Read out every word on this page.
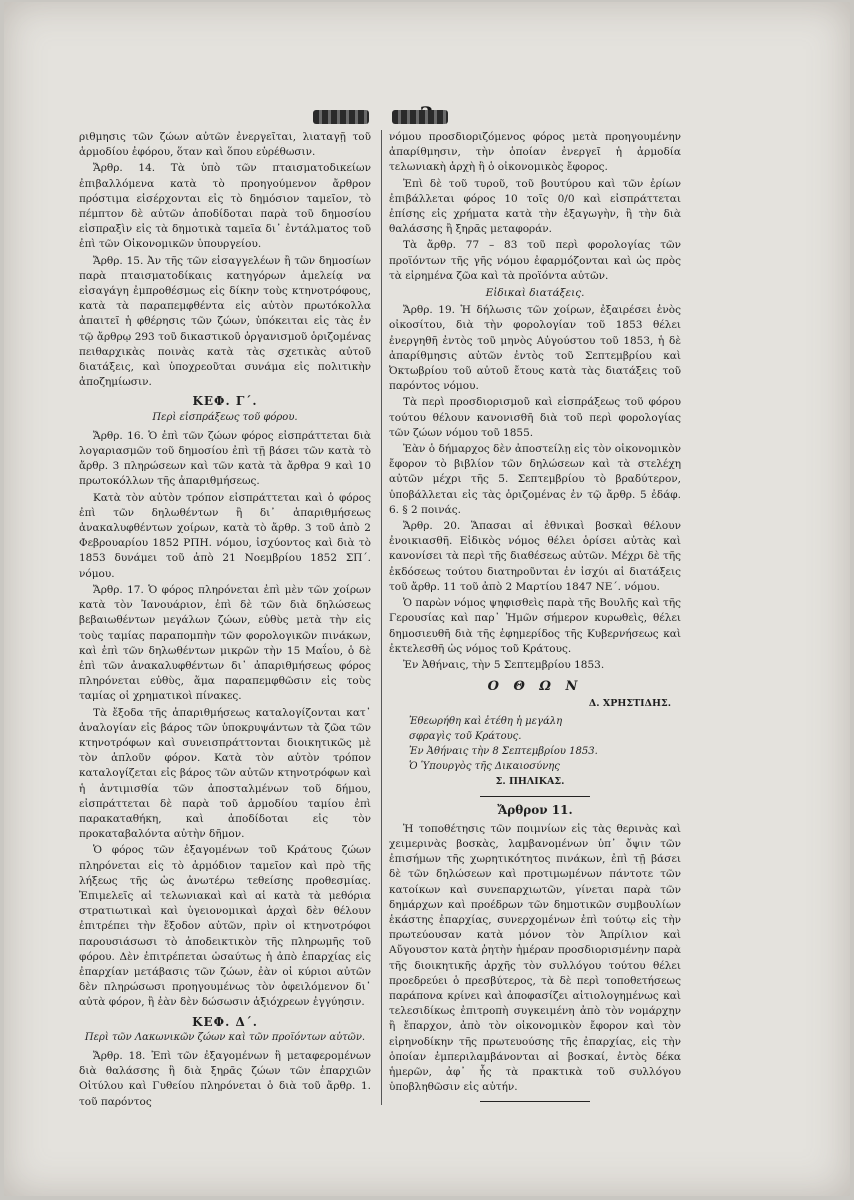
ριθμησις τῶν ζώων αὐτῶν ἐνεργεῖται, λιαταγῇ τοῦ ἁρμοδίου ἐφόρου, ὅταν καὶ ὅπου εὑρέθωσιν.

Ἄρθρ. 14. Τὰ ὑπὸ τῶν πταισματοδικείων ἐπιβαλλόμενα κατὰ τὸ προηγούμενον ἄρθρον πρόστιμα εἰσέρχονται εἰς τὸ δημόσιον ταμεῖον, τὸ πέμπτον δὲ αὐτῶν ἀποδίδοται παρὰ τοῦ δημοσίου εἰσπραξὶν εἰς τὰ δημοτικὰ ταμεῖα δι᾽ ἐντάλματος τοῦ ἐπὶ τῶν Οἰκονομικῶν ὑπουργείου.

Ἄρθρ. 15. Ἀν τῆς τῶν εἰσαγγελέων ἢ τῶν δημοσίων παρὰ πταισματοδίκαις κατηγόρων ἀμελείᾳ να εἰσαγάγη ἐμπροθέσμως εἰς δίκην τοὺς κτηνοτρόφους, κατὰ τὰ παραπεμφθέντα εἰς αὐτὸν πρωτόκολλα ἀπαιτεῖ ἡ φθέρησις τῶν ζώων, ὑπόκειται εἰς τὰς ἐν τῷ ἄρθρῳ 293 τοῦ δικαστικοῦ ὀργανισμοῦ ὁριζομένας πειθαρχικὰς ποινὰς κατὰ τὰς σχετικὰς αὐτοῦ διατάξεις, καὶ ὑποχρεοῦται συνάμα εἰς πολιτικὴν ἀποζημίωσιν.

ΚΕΦ. Γ΄.
Περὶ εἰσπράξεως τοῦ φόρου.

Ἄρθρ. 16. Ὁ ἐπὶ τῶν ζώων φόρος εἰσπράττεται διὰ λογαριασμῶν τοῦ δημοσίου ἐπὶ τῇ βάσει τῶν κατὰ τὸ ἄρθρ. 3 πληρώσεων καὶ τῶν κατὰ τὰ ἄρθρα 9 καὶ 10 πρωτοκόλλων τῆς ἀπαριθμήσεως.

Κατὰ τὸν αὐτὸν τρόπον εἰσπράττεται καὶ ὁ φόρος ἐπὶ τῶν δηλωθέντων ἢ δι᾽ ἀπαριθμήσεως ἀνακαλυφθέντων χοίρων, κατὰ τὸ ἄρθρ. 3 τοῦ ἀπὸ 2 Φεβρουαρίου 1852 ΡΠΗ. νόμου, ἰσχύοντος καὶ διὰ τὸ 1853 δυνάμει τοῦ ἀπὸ 21 Νοεμβρίου 1852 ΣΠ΄. νόμου.

Ἄρθρ. 17. Ὁ φόρος πληρόνεται ἐπὶ μὲν τῶν χοίρων κατὰ τὸν Ἰανουάριον, ἐπὶ δὲ τῶν διὰ δηλώσεως βεβαιωθέντων μεγάλων ζώων, εὐθὺς μετὰ τὴν εἰς τοὺς ταμίας παραπομπὴν τῶν φορολογικῶν πινάκων, καὶ ἐπὶ τῶν δηλωθέντων μικρῶν τὴν 15 Μαΐου, ὁ δὲ ἐπὶ τῶν ἀνακαλυφθέντων δι᾽ ἀπαριθμήσεως φόρος πληρόνεται εὐθὺς, ἅμα παραπεμφθῶσιν εἰς τοὺς ταμίας οἱ χρηματικοὶ πίνακες.

Τὰ ἔξοδα τῆς ἀπαριθμήσεως καταλογίζονται κατ᾽ ἀναλογίαν εἰς βάρος τῶν ὑποκρυψάντων τὰ ζῶα τῶν κτηνοτρόφων καὶ συνεισπράττονται διοικητικῶς μὲ τὸν ἁπλοῦν φόρον. Κατὰ τὸν αὐτὸν τρόπον καταλογίζεται εἰς βάρος τῶν αὐτῶν κτηνοτρόφων καὶ ἡ ἀντιμισθία τῶν ἀποσταλμένων τοῦ δήμου, εἰσπράττεται δὲ παρὰ τοῦ ἁρμοδίου ταμίου ἐπὶ παρακαταθήκη, καὶ ἀποδίδοται εἰς τὸν προκαταβαλόντα αὐτὴν δῆμον.

Ὁ φόρος τῶν ἐξαγομένων τοῦ Κράτους ζώων πληρόνεται εἰς τὸ ἁρμόδιον ταμεῖον καὶ πρὸ τῆς λήξεως τῆς ὡς ἀνωτέρω τεθείσης προθεσμίας. Ἐπιμελεῖς αἱ τελωνιακαὶ καὶ αἱ κατὰ τὰ μεθόρια στρατιωτικαὶ καὶ ὑγειονομικαὶ ἀρχαὶ δὲν θέλουν ἐπιτρέπει τὴν ἔξοδον αὐτῶν, πρὶν οἱ κτηνοτρόφοι παρουσιάσωσι τὸ ἀποδεικτικὸν τῆς πληρωμῆς τοῦ φόρου. Δὲν ἐπιτρέπεται ὡσαύτως ἡ ἀπὸ ἐπαρχίας εἰς ἐπαρχίαν μετάβασις τῶν ζώων, ἐὰν οἱ κύριοι αὐτῶν δὲν πληρώσωσι προηγουμένως τὸν ὀφειλόμενον δι᾽ αὐτὰ φόρον, ἢ ἐὰν δὲν δώσωσιν ἀξιόχρεων ἐγγύησιν.

ΚΕΦ. Δ΄.
Περὶ τῶν Λακωνικῶν ζώων καὶ τῶν προϊόντων αὐτῶν.

Ἄρθρ. 18. Ἐπὶ τῶν ἐξαγομένων ἢ μεταφερομένων διὰ θαλάσσης ἢ διὰ ξηρᾶς ζώων τῶν ἐπαρχιῶν Οἰτύλου καὶ Γυθείου πληρόνεται ὁ διὰ τοῦ ἄρθρ. 1. τοῦ παρόντος

νόμου προσδιοριζόμενος φόρος μετὰ προηγουμένην ἀπαρίθμησιν, τὴν ὁποίαν ἐνεργεῖ ἡ ἁρμοδία τελωνιακὴ ἀρχὴ ἢ ὁ οἰκονομικὸς ἔφορος.

Ἐπὶ δὲ τοῦ τυροῦ, τοῦ βουτύρου καὶ τῶν ἐρίων ἐπιβάλλεται φόρος 10 τοῖς 0/0 καὶ εἰσπράττεται ἐπίσης εἰς χρήματα κατὰ τὴν ἐξαγωγὴν, ἢ τὴν διὰ θαλάσσης ἢ ξηρᾶς μεταφοράν.

Τὰ ἄρθρ. 77 – 83 τοῦ περὶ φορολογίας τῶν προϊόντων τῆς γῆς νόμου ἐφαρμόζονται καὶ ὡς πρὸς τὰ εἰρημένα ζῶα καὶ τὰ προϊόντα αὐτῶν.

Εἰδικαὶ διατάξεις.

Ἄρθρ. 19. Ἡ δήλωσις τῶν χοίρων, ἐξαιρέσει ἑνὸς οἰκοσίτου, διὰ τὴν φορολογίαν τοῦ 1853 θέλει ἐνεργηθῆ ἐντὸς τοῦ μηνὸς Αὐγούστου τοῦ 1853, ἡ δὲ ἀπαρίθμησις αὐτῶν ἐντὸς τοῦ Σεπτεμβρίου καὶ Ὀκτωβρίου τοῦ αὐτοῦ ἔτους κατὰ τὰς διατάξεις τοῦ παρόντος νόμου.

Τὰ περὶ προσδιορισμοῦ καὶ εἰσπράξεως τοῦ φόρου τούτου θέλουν κανονισθῆ διὰ τοῦ περὶ φορολογίας τῶν ζώων νόμου τοῦ 1855.

Ἐὰν ὁ δήμαρχος δὲν ἀποστείλῃ εἰς τὸν οἰκονομικὸν ἔφορον τὸ βιβλίον τῶν δηλώσεων καὶ τὰ στελέχη αὐτῶν μέχρι τῆς 5. Σεπτεμβρίου τὸ βραδύτερον, ὑποβάλλεται εἰς τὰς ὁριζομένας ἐν τῷ ἄρθρ. 5 ἐδάφ. 6. § 2 ποινάς.

Ἄρθρ. 20. Ἅπασαι αἱ ἐθνικαὶ βοσκαὶ θέλουν ἐνοικιασθῆ. Εἰδικὸς νόμος θέλει ὁρίσει αὐτὰς καὶ κανονίσει τὰ περὶ τῆς διαθέσεως αὐτῶν. Μέχρι δὲ τῆς ἐκδόσεως τούτου διατηροῦνται ἐν ἰσχύι αἱ διατάξεις τοῦ ἄρθρ. 11 τοῦ ἀπὸ 2 Μαρτίου 1847 ΝΕ΄. νόμου.

Ὁ παρὼν νόμος ψηφισθεὶς παρὰ τῆς Βουλῆς καὶ τῆς Γερουσίας καὶ παρ᾽ Ἡμῶν σήμερον κυρωθεὶς, θέλει δημοσιευθῆ διὰ τῆς ἐφημερίδος τῆς Κυβερνήσεως καὶ ἐκτελεσθῆ ὡς νόμος τοῦ Κράτους.

Ἐν Ἀθήναις, τὴν 5 Σεπτεμβρίου 1853.

Ο Θ Ω Ν
Δ. ΧΡΗΣΤΙΔΗΣ.
Ἐθεωρήθη καὶ ἐτέθη ἡ μεγάλη
σφραγὶς τοῦ Κράτους.
Ἐν Ἀθήναις τὴν 8 Σεπτεμβρίου 1853.
Ὁ Ὑπουργὸς τῆς Δικαιοσύνης
Σ. ΠΗΛΙΚΑΣ.
Ἄρθρον 11.

Ἡ τοποθέτησις τῶν ποιμνίων εἰς τὰς θερινὰς καὶ χειμερινὰς βοσκὰς, λαμβανομένων ὑπ᾽ ὄψιν τῶν ἐπισήμων τῆς χωρητικότητος πινάκων, ἐπὶ τῇ βάσει δὲ τῶν δηλώσεων καὶ προτιμωμένων πάντοτε τῶν κατοίκων καὶ συνεπαρχιωτῶν, γίνεται παρὰ τῶν δημάρχων καὶ προέδρων τῶν δημοτικῶν συμβουλίων ἑκάστης ἐπαρχίας, συνερχομένων ἐπὶ τούτῳ εἰς τὴν πρωτεύουσαν κατὰ μόνον τὸν Ἀπρίλιον καὶ Αὔγουστον κατὰ ῥητὴν ἡμέραν προσδιορισμένην παρὰ τῆς διοικητικῆς ἀρχῆς τὸν συλλόγου τούτου θέλει προεδρεύει ὁ πρεσβύτερος, τὰ δὲ περὶ τοποθετήσεως παράπονα κρίνει καὶ ἀποφασίζει αἰτιολογημένως καὶ τελεσιδίκως ἐπιτροπὴ συγκειμένη ἀπὸ τὸν νομάρχην ἢ ἔπαρχον, ἀπὸ τὸν οἰκονομικὸν ἔφορον καὶ τὸν εἰρηνοδίκην τῆς πρωτευούσης τῆς ἐπαρχίας, εἰς τὴν ὁποίαν ἐμπεριλαμβάνονται αἱ βοσκαί, ἐντὸς δέκα ἡμερῶν, ἀφ᾽ ἧς τὰ πρακτικὰ τοῦ συλλόγου ὑποβληθῶσιν εἰς αὐτήν.
